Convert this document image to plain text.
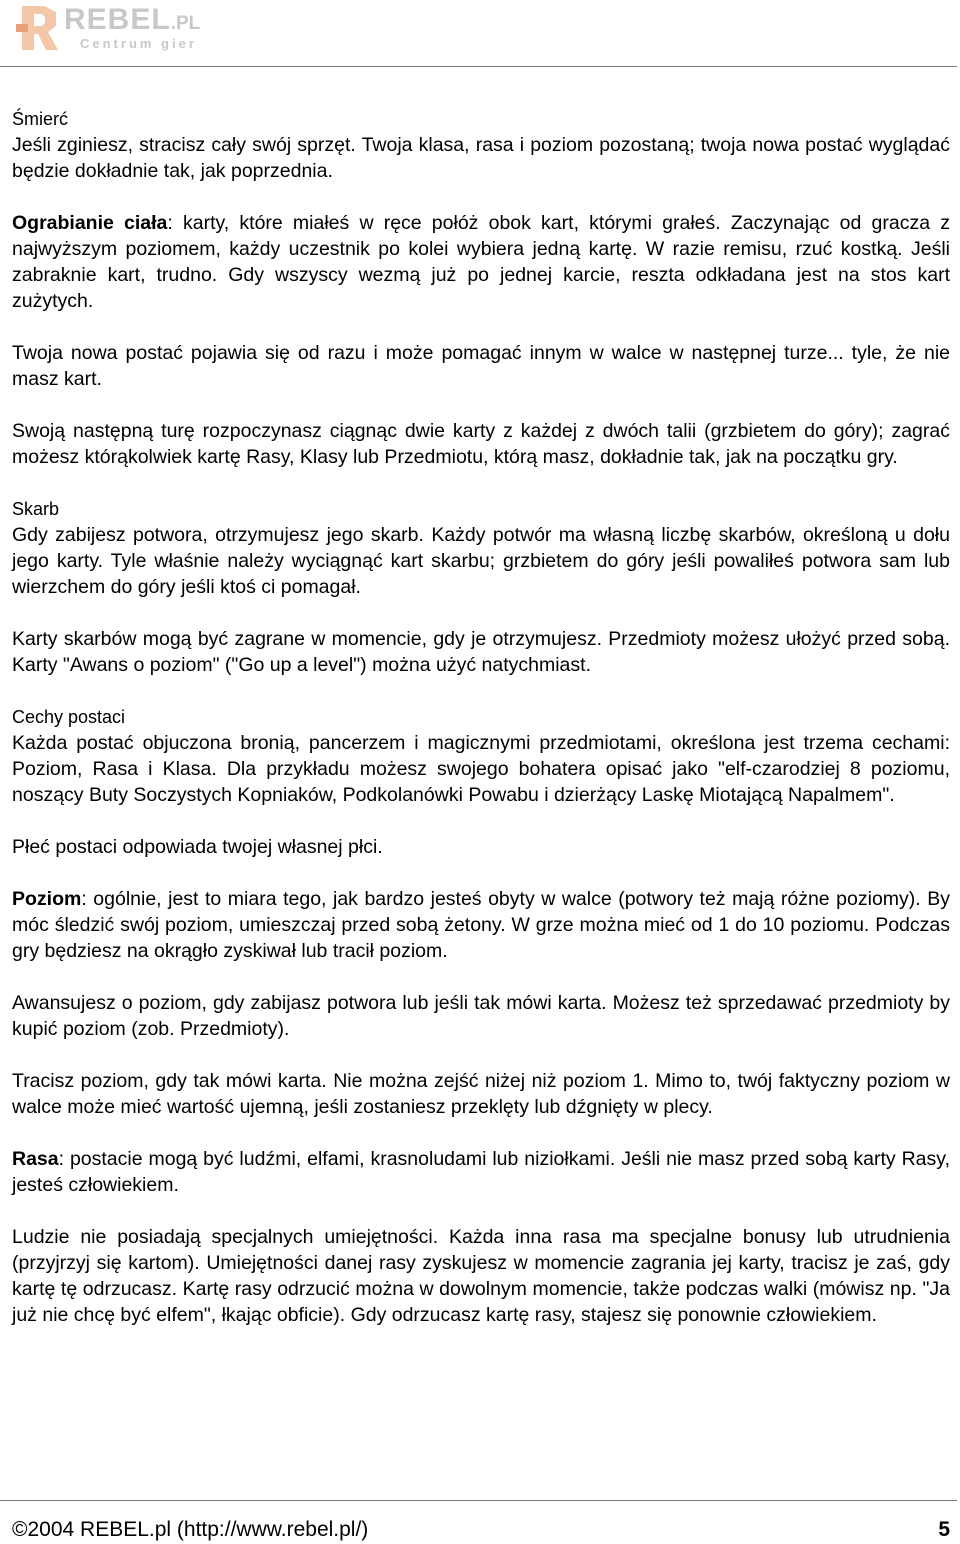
REBEL.PL
Centrum gier
Śmierć

Jeśli zginiesz, stracisz cały swój sprzęt. Twoja klasa, rasa i poziom pozostaną; twoja nowa postać wyglądać będzie dokładnie tak, jak poprzednia.

Ograbianie ciała: karty, które miałeś w ręce połóż obok kart, którymi grałeś. Zaczynając od gracza z najwyższym poziomem, każdy uczestnik po kolei wybiera jedną kartę. W razie remisu, rzuć kostką. Jeśli zabraknie kart, trudno. Gdy wszyscy wezmą już po jednej karcie, reszta odkładana jest na stos kart zużytych.

Twoja nowa postać pojawia się od razu i może pomagać innym w walce w następnej turze... tyle, że nie masz kart.

Swoją następną turę rozpoczynasz ciągnąc dwie karty z każdej z dwóch talii (grzbietem do góry); zagrać możesz którąkolwiek kartę Rasy, Klasy lub Przedmiotu, którą masz, dokładnie tak, jak na początku gry.

Skarb

Gdy zabijesz potwora, otrzymujesz jego skarb. Każdy potwór ma własną liczbę skarbów, określoną u dołu jego karty. Tyle właśnie należy wyciągnąć kart skarbu; grzbietem do góry jeśli powaliłeś potwora sam lub wierzchem do góry jeśli ktoś ci pomagał.

Karty skarbów mogą być zagrane w momencie, gdy je otrzymujesz. Przedmioty możesz ułożyć przed sobą. Karty "Awans o poziom" ("Go up a level") można użyć natychmiast.

Cechy postaci

Każda postać objuczona bronią, pancerzem i magicznymi przedmiotami, określona jest trzema cechami: Poziom, Rasa i Klasa. Dla przykładu możesz swojego bohatera opisać jako "elf-czarodziej 8 poziomu, noszący Buty Soczystych Kopniaków, Podkolanówki Powabu i dzierżący Laskę Miotającą Napalmem".

Płeć postaci odpowiada twojej własnej płci.

Poziom: ogólnie, jest to miara tego, jak bardzo jesteś obyty w walce (potwory też mają różne poziomy). By móc śledzić swój poziom, umieszczaj przed sobą żetony. W grze można mieć od 1 do 10 poziomu. Podczas gry będziesz na okrągło zyskiwał lub tracił poziom.

Awansujesz o poziom, gdy zabijasz potwora lub jeśli tak mówi karta. Możesz też sprzedawać przedmioty by kupić poziom (zob. Przedmioty).

Tracisz poziom, gdy tak mówi karta. Nie można zejść niżej niż poziom 1. Mimo to, twój faktyczny poziom w walce może mieć wartość ujemną, jeśli zostaniesz przeklęty lub dźgnięty w plecy.

Rasa: postacie mogą być ludźmi, elfami, krasnoludami lub niziołkami. Jeśli nie masz przed sobą karty Rasy, jesteś człowiekiem.

Ludzie nie posiadają specjalnych umiejętności. Każda inna rasa ma specjalne bonusy lub utrudnienia (przyjrzyj się kartom). Umiejętności danej rasy zyskujesz w momencie zagrania jej karty, tracisz je zaś, gdy kartę tę odrzucasz. Kartę rasy odrzucić można w dowolnym momencie, także podczas walki (mówisz np. "Ja już nie chcę być elfem", łkając obficie). Gdy odrzucasz kartę rasy, stajesz się ponownie człowiekiem.

©2004 REBEL.pl (http://www.rebel.pl/)	5
